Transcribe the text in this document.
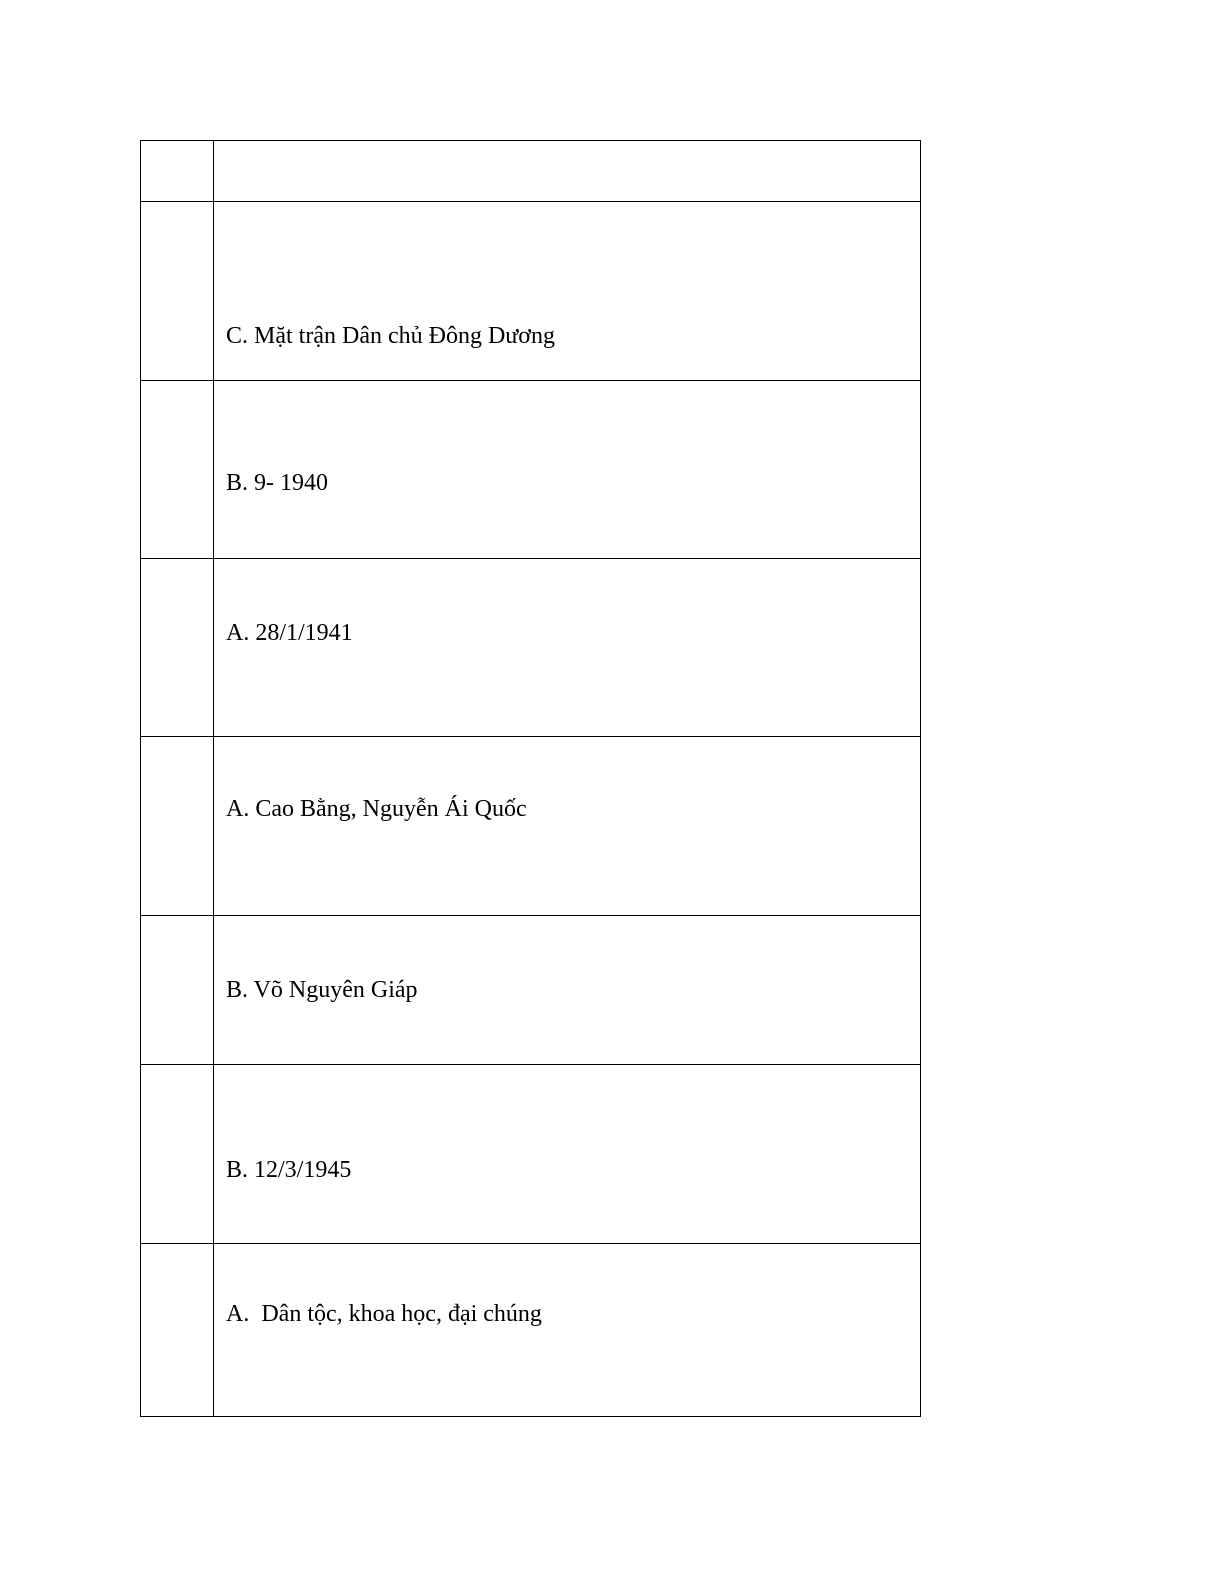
	C. Mặt trận Dân chủ Đông Dương

	B. 9- 1940

	A. 28/1/1941

	A. Cao Bằng, Nguyễn Ái Quốc

	B. Võ Nguyên Giáp

	B. 12/3/1945

	A.  Dân tộc, khoa học, đại chúng
